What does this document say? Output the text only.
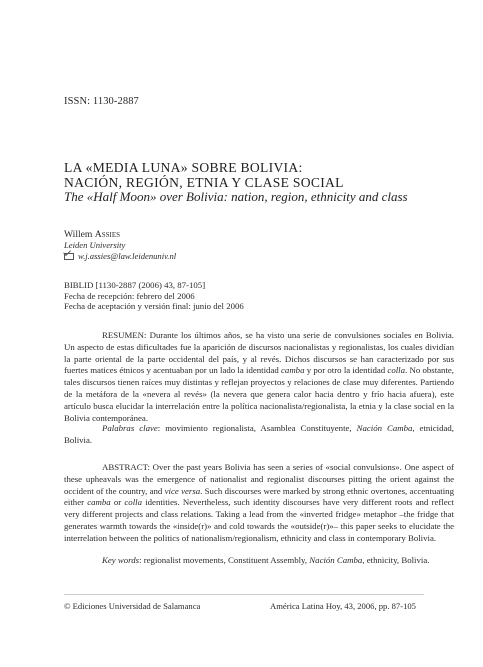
ISSN: 1130-2887
LA «MEDIA LUNA» SOBRE BOLIVIA:
NACIÓN, REGIÓN, ETNIA Y CLASE SOCIAL
The «Half Moon» over Bolivia: nation, region, ethnicity and class
Willem Assies
Leiden University
w.j.assies@law.leidenuniv.nl
BIBLID [1130-2887 (2006) 43, 87-105]
Fecha de recepción: febrero del 2006
Fecha de aceptación y versión final: junio del 2006
RESUMEN: Durante los últimos años, se ha visto una serie de convulsiones sociales en Bolivia. Un aspecto de estas dificultades fue la aparición de discursos nacionalistas y regionalistas, los cuales dividían la parte oriental de la parte occidental del país, y al revés. Dichos discursos se han caracterizado por sus fuertes matices étnicos y acentuaban por un lado la identidad camba y por otro la identidad colla. No obstante, tales discursos tienen raíces muy distintas y reflejan proyectos y relaciones de clase muy diferentes. Partiendo de la metáfora de la «nevera al revés» (la nevera que genera calor hacia dentro y frío hacia afuera), este artículo busca elucidar la interrelación entre la política nacionalista/regionalista, la etnia y la clase social en la Bolivia contemporánea.
Palabras clave: movimiento regionalista, Asamblea Constituyente, Nación Camba, etnicidad, Bolivia.
ABSTRACT: Over the past years Bolivia has seen a series of «social convulsions». One aspect of these upheavals was the emergence of nationalist and regionalist discourses pitting the orient against the occident of the country, and vice versa. Such discourses were marked by strong ethnic overtones, accentuating either camba or colla identities. Nevertheless, such identity discourses have very different roots and reflect very different projects and class relations. Taking a lead from the «inverted fridge» metaphor –the fridge that generates warmth towards the «inside(r)» and cold towards the «outside(r)»– this paper seeks to elucidate the interrelation between the politics of nationalism/regionalism, ethnicity and class in contemporary Bolivia.
Key words: regionalist movements, Constituent Assembly, Nación Camba, ethnicity, Bolivia.
© Ediciones Universidad de Salamanca	América Latina Hoy, 43, 2006, pp. 87-105
